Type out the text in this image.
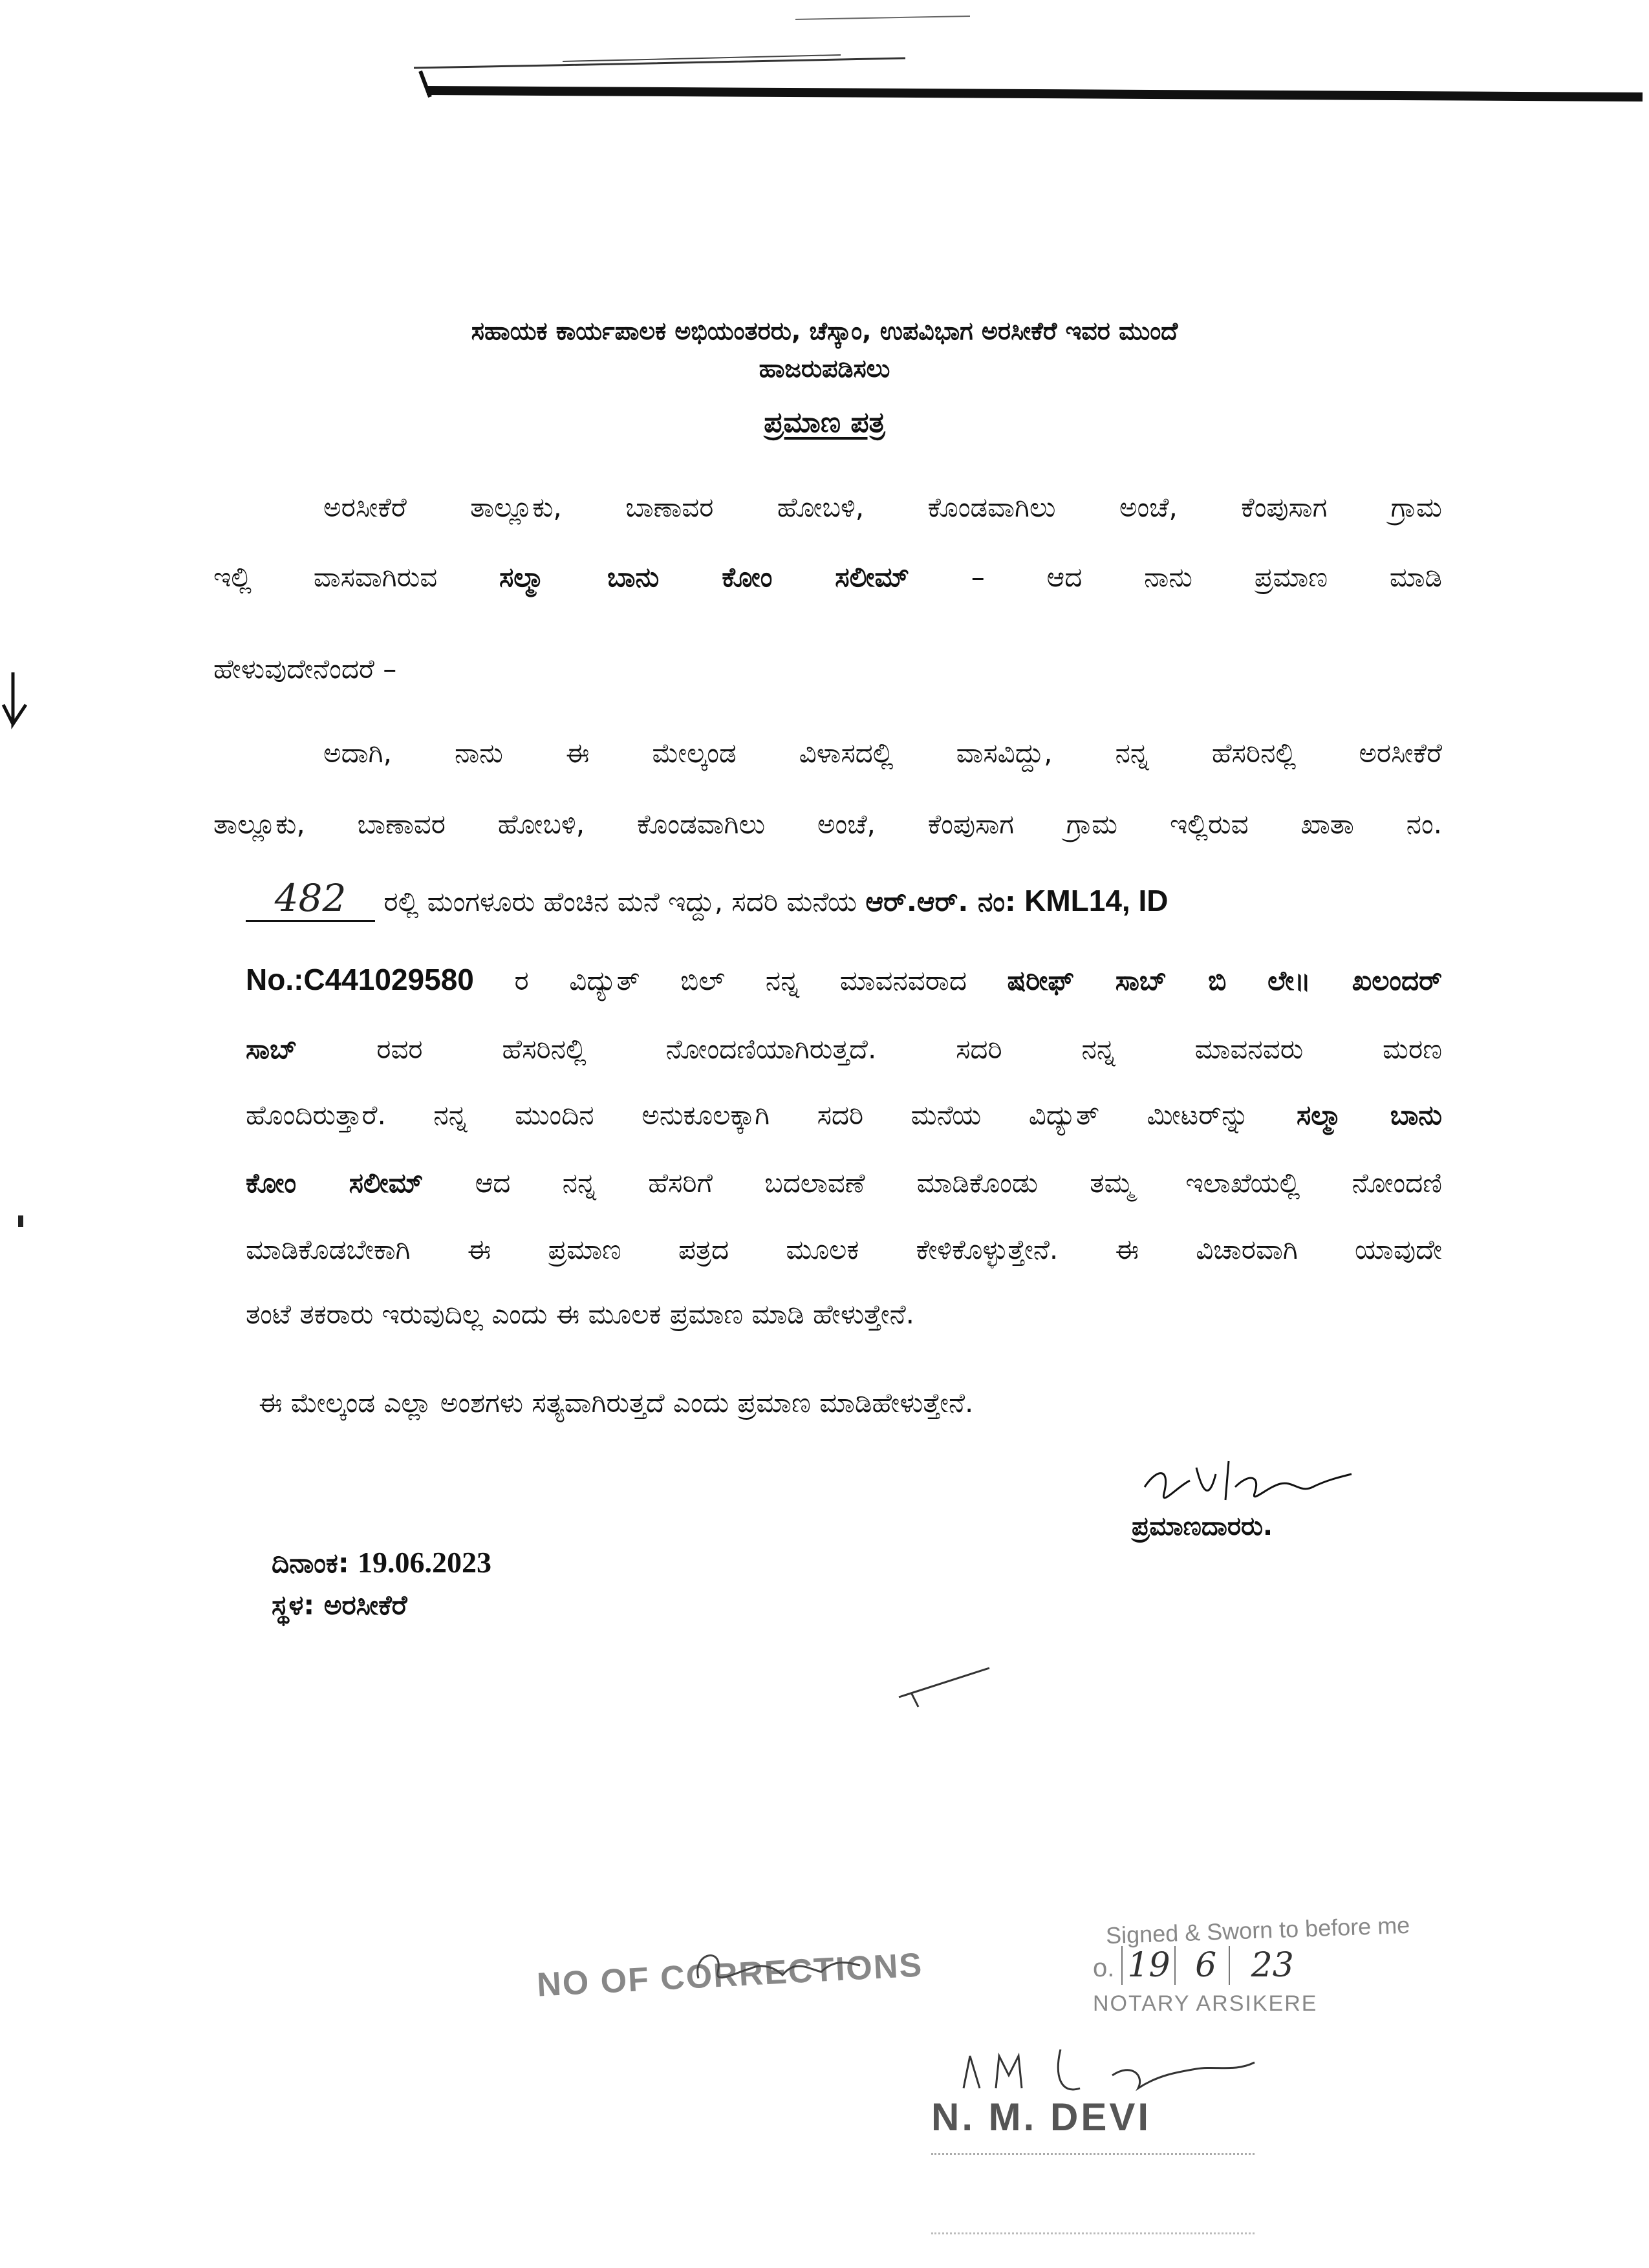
ಸಹಾಯಕ ಕಾರ್ಯಪಾಲಕ ಅಭಿಯಂತರರು, ಚೆಸ್ಕಾಂ, ಉಪವಿಭಾಗ ಅರಸೀಕೆರೆ ಇವರ ಮುಂದೆ
ಹಾಜರುಪಡಿಸಲು
ಪ್ರಮಾಣ ಪತ್ರ
ಅರಸೀಕೆರೆ ತಾಲ್ಲೂಕು, ಬಾಣಾವರ ಹೋಬಳಿ, ಕೊಂಡವಾಗಿಲು ಅಂಚೆ, ಕೆಂಪುಸಾಗ ಗ್ರಾಮ
ಇಲ್ಲಿ ವಾಸವಾಗಿರುವ ಸಲ್ಮಾ ಬಾನು ಕೋಂ ಸಲೀಮ್ – ಆದ ನಾನು ಪ್ರಮಾಣ ಮಾಡಿ
ಹೇಳುವುದೇನೆಂದರೆ –
ಅದಾಗಿ, ನಾನು ಈ ಮೇಲ್ಕಂಡ ವಿಳಾಸದಲ್ಲಿ ವಾಸವಿದ್ದು, ನನ್ನ ಹೆಸರಿನಲ್ಲಿ ಅರಸೀಕೆರೆ
ತಾಲ್ಲೂಕು, ಬಾಣಾವರ ಹೋಬಳಿ, ಕೊಂಡವಾಗಿಲು ಅಂಚೆ, ಕೆಂಪುಸಾಗ ಗ್ರಾಮ ಇಲ್ಲಿರುವ ಖಾತಾ ನಂ.
482 ರಲ್ಲಿ ಮಂಗಳೂರು ಹೆಂಚಿನ ಮನೆ ಇದ್ದು, ಸದರಿ ಮನೆಯ ಆರ್.ಆರ್. ನಂ: KML14, ID
No.:C441029580 ರ ವಿದ್ಯುತ್ ಬಿಲ್ ನನ್ನ ಮಾವನವರಾದ ಷರೀಫ್ ಸಾಬ್ ಬಿ ಲೇ॥ ಖಲಂದರ್
ಸಾಬ್	ರವರ ಹೆಸರಿನಲ್ಲಿ ನೋಂದಣಿಯಾಗಿರುತ್ತದೆ. ಸದರಿ ನನ್ನ ಮಾವನವರು ಮರಣ
ಹೊಂದಿರುತ್ತಾರೆ. ನನ್ನ ಮುಂದಿನ ಅನುಕೂಲಕ್ಕಾಗಿ ಸದರಿ ಮನೆಯ ವಿದ್ಯುತ್ ಮೀಟರ್‌ನ್ನು ಸಲ್ಮಾ ಬಾನು
ಕೋಂ ಸಲೀಮ್ ಆದ ನನ್ನ ಹೆಸರಿಗೆ ಬದಲಾವಣೆ ಮಾಡಿಕೊಂಡು ತಮ್ಮ ಇಲಾಖೆಯಲ್ಲಿ ನೋಂದಣಿ
ಮಾಡಿಕೊಡಬೇಕಾಗಿ ಈ ಪ್ರಮಾಣ ಪತ್ರದ ಮೂಲಕ ಕೇಳಿಕೊಳ್ಳುತ್ತೇನೆ. ಈ ವಿಚಾರವಾಗಿ ಯಾವುದೇ
ತಂಟೆ ತಕರಾರು ಇರುವುದಿಲ್ಲ ಎಂದು ಈ ಮೂಲಕ ಪ್ರಮಾಣ ಮಾಡಿ ಹೇಳುತ್ತೇನೆ.
ಈ ಮೇಲ್ಕಂಡ ಎಲ್ಲಾ ಅಂಶಗಳು ಸತ್ಯವಾಗಿರುತ್ತದೆ ಎಂದು ಪ್ರಮಾಣ ಮಾಡಿಹೇಳುತ್ತೇನೆ.
ಪ್ರಮಾಣದಾರರು.
ದಿನಾಂಕ: 19.06.2023
ಸ್ಥಳ: ಅರಸೀಕೆರೆ
NO OF CORRECTIONS
Signed & Sworn to before me
o. 19 6 23
NOTARY ARSIKERE
N. M. DEVI
